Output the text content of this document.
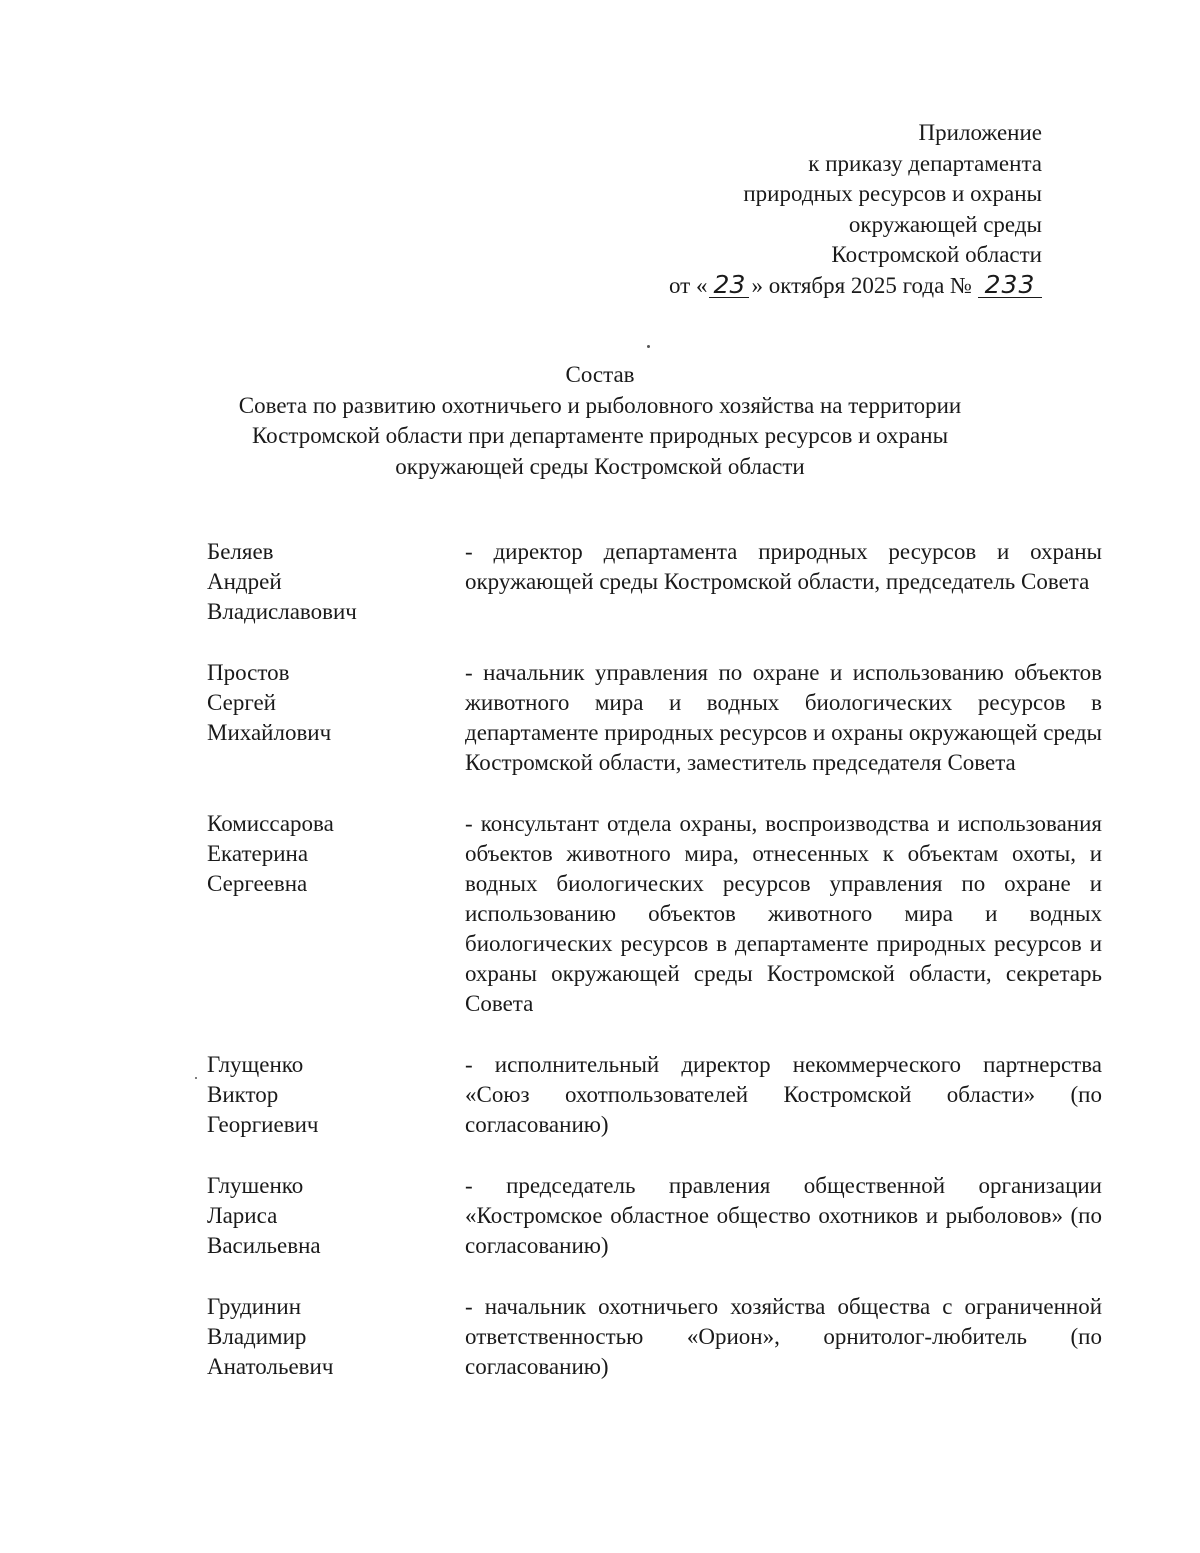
Приложение
к приказу департамента
природных ресурсов и охраны
окружающей среды
Костромской области
от « 23 » октября 2025 года № 233
Состав
Совета по развитию охотничьего и рыболовного хозяйства на территории
Костромской области при департаменте природных ресурсов и охраны
окружающей среды Костромской области
Беляев
Андрей
Владиславович
- директор департамента природных ресурсов и охраны окружающей среды Костромской области, председатель Совета
Простов
Сергей
Михайлович
- начальник управления по охране и использованию объектов животного мира и водных биологических ресурсов в департаменте природных ресурсов и охраны окружающей среды Костромской области, заместитель председателя Совета
Комиссарова
Екатерина
Сергеевна
- консультант отдела охраны, воспроизводства и использования объектов животного мира, отнесенных к объектам охоты, и водных биологических ресурсов управления по охране и использованию объектов животного мира и водных биологических ресурсов в департаменте природных ресурсов и охраны окружающей среды Костромской области, секретарь Совета
Глущенко
Виктор
Георгиевич
- исполнительный директор некоммерческого партнерства «Союз охотпользователей Костромской области» (по согласованию)
Глушенко
Лариса
Васильевна
- председатель правления общественной организации «Костромское областное общество охотников и рыболовов» (по согласованию)
Грудинин
Владимир
Анатольевич
- начальник охотничьего хозяйства общества с ограниченной ответственностью «Орион», орнитолог-любитель (по согласованию)
